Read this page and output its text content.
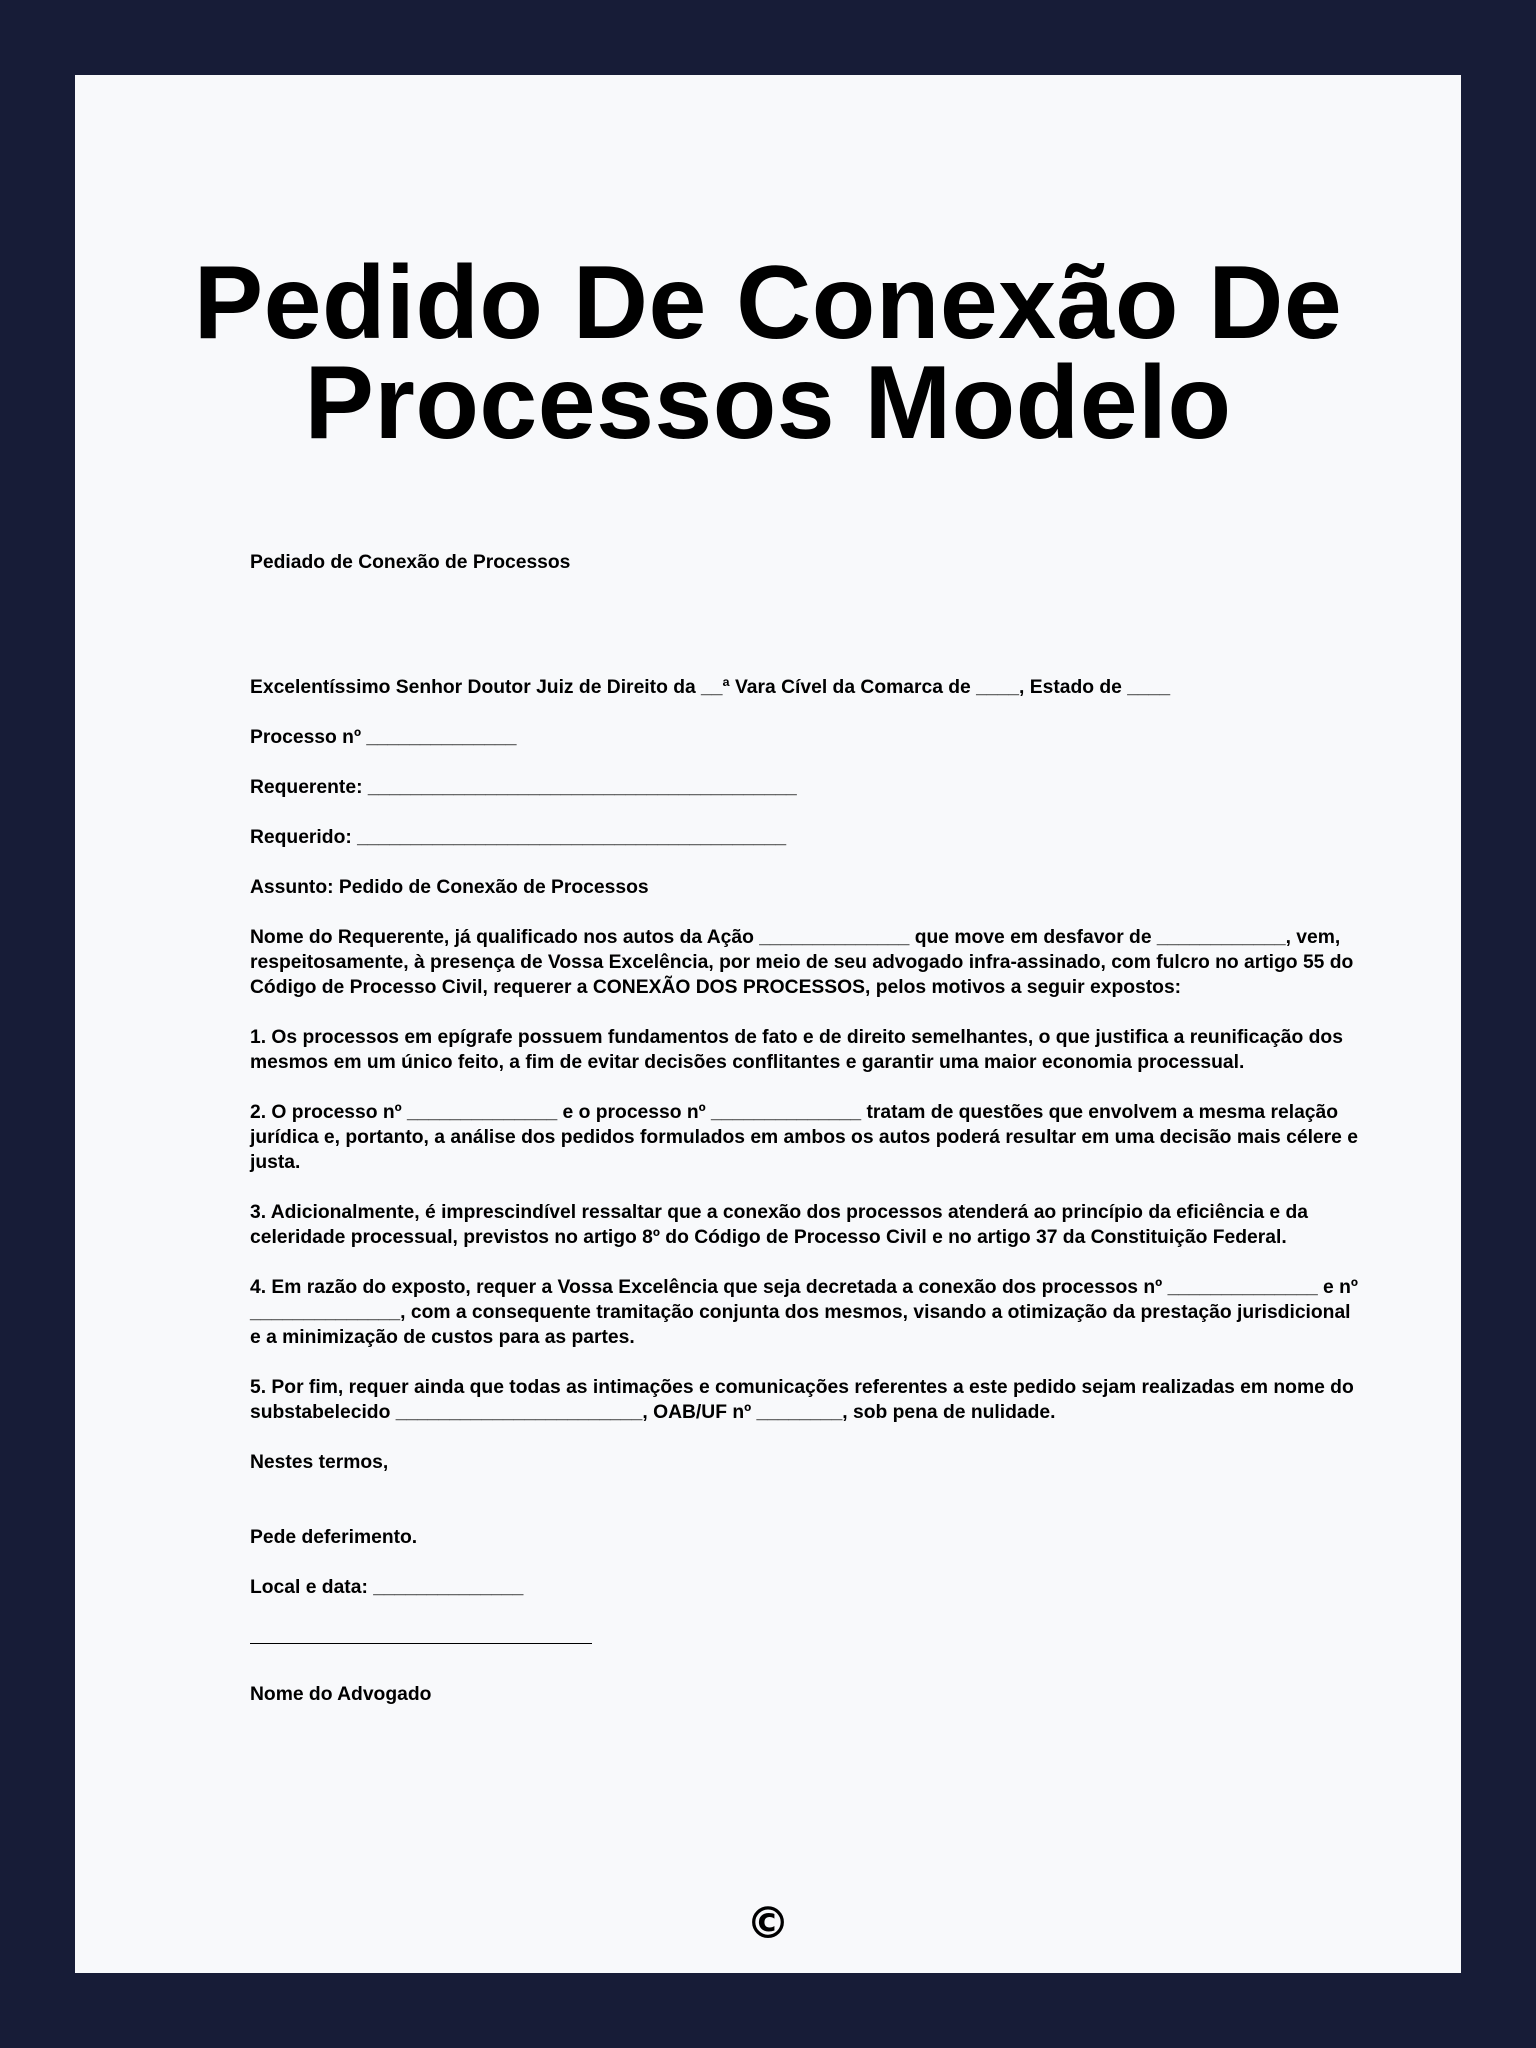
Pedido De Conexão De Processos Modelo

Pediado de Conexão de Processos

Excelentíssimo Senhor Doutor Juiz de Direito da __ª Vara Cível da Comarca de ____, Estado de ____

Processo nº ______________

Requerente: ________________________________________

Requerido: ________________________________________

Assunto: Pedido de Conexão de Processos

Nome do Requerente, já qualificado nos autos da Ação ______________ que move em desfavor de ____________, vem, respeitosamente, à presença de Vossa Excelência, por meio de seu advogado infra-assinado, com fulcro no artigo 55 do Código de Processo Civil, requerer a CONEXÃO DOS PROCESSOS, pelos motivos a seguir expostos:

1. Os processos em epígrafe possuem fundamentos de fato e de direito semelhantes, o que justifica a reunificação dos mesmos em um único feito, a fim de evitar decisões conflitantes e garantir uma maior economia processual.

2. O processo nº ______________ e o processo nº ______________ tratam de questões que envolvem a mesma relação jurídica e, portanto, a análise dos pedidos formulados em ambos os autos poderá resultar em uma decisão mais célere e justa.

3. Adicionalmente, é imprescindível ressaltar que a conexão dos processos atenderá ao princípio da eficiência e da celeridade processual, previstos no artigo 8º do Código de Processo Civil e no artigo 37 da Constituição Federal.

4. Em razão do exposto, requer a Vossa Excelência que seja decretada a conexão dos processos nº ______________ e nº ______________, com a consequente tramitação conjunta dos mesmos, visando a otimização da prestação jurisdicional e a minimização de custos para as partes.

5. Por fim, requer ainda que todas as intimações e comunicações referentes a este pedido sejam realizadas em nome do substabelecido _______________________, OAB/UF nº ________, sob pena de nulidade.

Nestes termos,

Pede deferimento.

Local e data: ______________

Nome do Advogado

©
